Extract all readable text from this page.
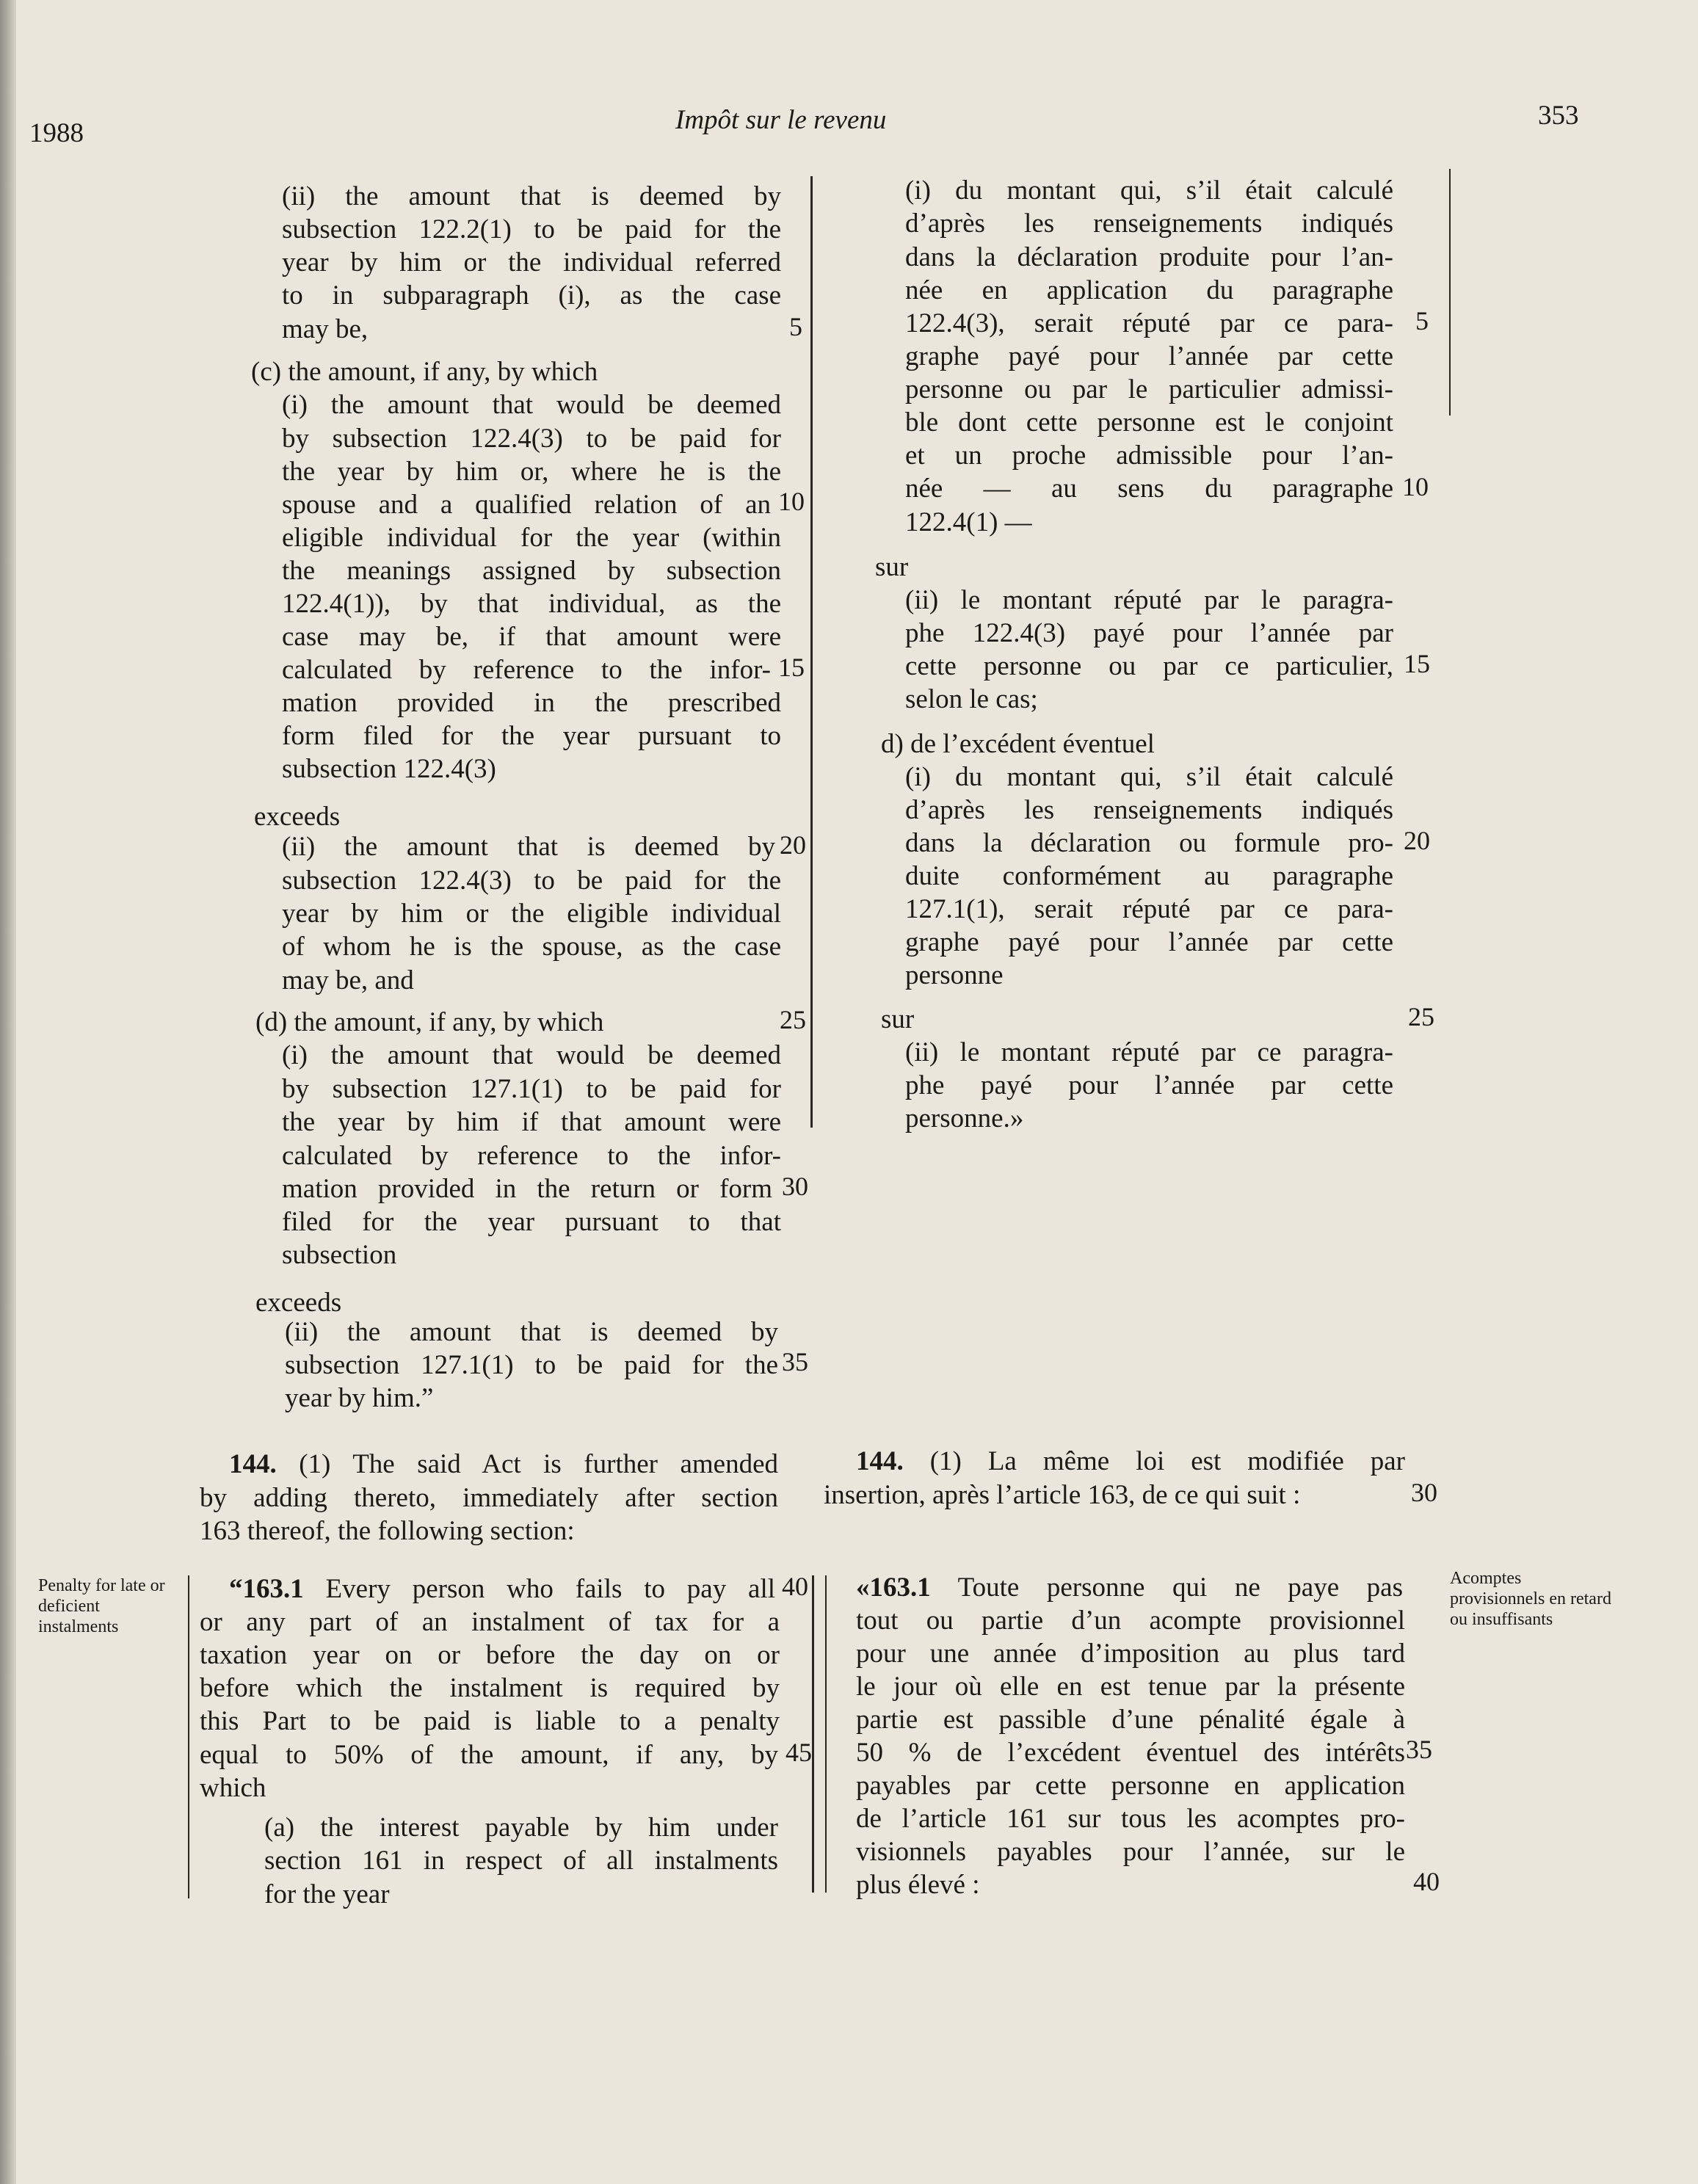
1988	Impôt sur le revenu	353
(ii) the amount that is deemed by
subsection 122.2(1) to be paid for the
year by him or the individual referred
to in subparagraph (i), as the case
may be,
(c) the amount, if any, by which
(i) the amount that would be deemed
by subsection 122.4(3) to be paid for
the year by him or, where he is the
spouse and a qualified relation of an
eligible individual for the year (within
the meanings assigned by subsection
122.4(1)), by that individual, as the
case may be, if that amount were
calculated by reference to the infor-
mation provided in the prescribed
form filed for the year pursuant to
subsection 122.4(3)
exceeds
(ii) the amount that is deemed by
subsection 122.4(3) to be paid for the
year by him or the eligible individual
of whom he is the spouse, as the case
may be, and
(d) the amount, if any, by which
(i) the amount that would be deemed
by subsection 127.1(1) to be paid for
the year by him if that amount were
calculated by reference to the infor-
mation provided in the return or form
filed for the year pursuant to that
subsection
exceeds
(ii) the amount that is deemed by
subsection 127.1(1) to be paid for the
year by him.”
144. (1) The said Act is further amended
by adding thereto, immediately after section
163 thereof, the following section:
“163.1 Every person who fails to pay all
or any part of an instalment of tax for a
taxation year on or before the day on or
before which the instalment is required by
this Part to be paid is liable to a penalty
equal to 50% of the amount, if any, by
which
(a) the interest payable by him under
section 161 in respect of all instalments
for the year
5
10
15
20
25
30
35
40
45
(i) du montant qui, s’il était calculé
d’après les renseignements indiqués
dans la déclaration produite pour l’an-
née en application du paragraphe
122.4(3), serait réputé par ce para-
graphe payé pour l’année par cette
personne ou par le particulier admissi-
ble dont cette personne est le conjoint
et un proche admissible pour l’an-
née — au sens du paragraphe
122.4(1) —
sur
(ii) le montant réputé par le paragra-
phe 122.4(3) payé pour l’année par
cette personne ou par ce particulier,
selon le cas;
d) de l’excédent éventuel
(i) du montant qui, s’il était calculé
d’après les renseignements indiqués
dans la déclaration ou formule pro-
duite conformément au paragraphe
127.1(1), serait réputé par ce para-
graphe payé pour l’année par cette
personne
sur
(ii) le montant réputé par ce paragra-
phe payé pour l’année par cette
personne.»
144. (1) La même loi est modifiée par
insertion, après l’article 163, de ce qui suit :
«163.1 Toute personne qui ne paye pas
tout ou partie d’un acompte provisionnel
pour une année d’imposition au plus tard
le jour où elle en est tenue par la présente
partie est passible d’une pénalité égale à
50 % de l’excédent éventuel des intérêts
payables par cette personne en application
de l’article 161 sur tous les acomptes pro-
visionnels payables pour l’année, sur le
plus élevé :
5
10
15
20
25
30
35
40
Penalty for late or deficient instalments
Acomptes provisionnels en retard ou insuffisants
